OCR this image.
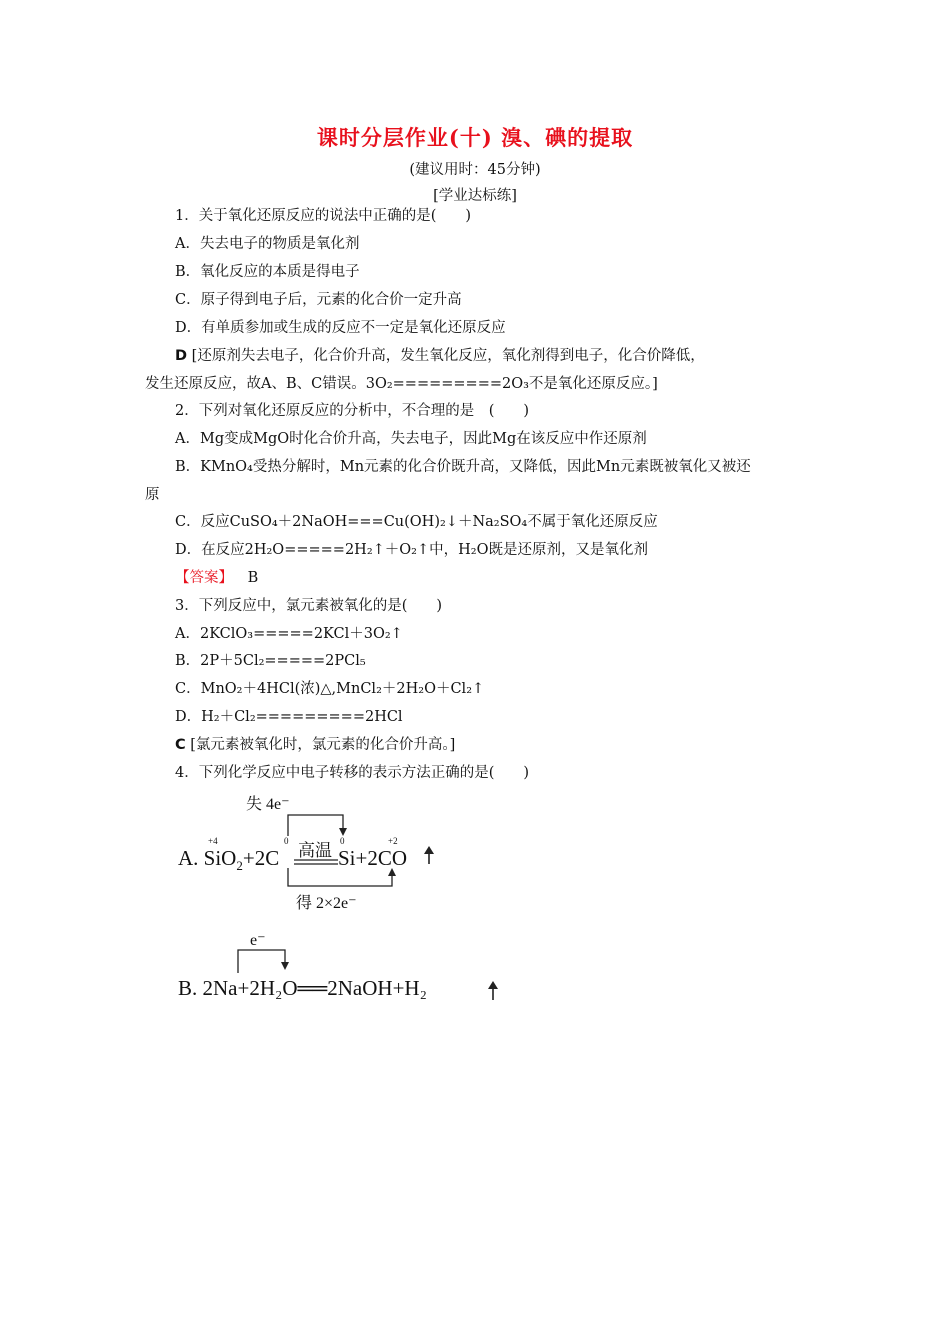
课时分层作业(十) 溴、碘的提取
(建议用时：45分钟)
[学业达标练]
1．关于氧化还原反应的说法中正确的是(　　)
A．失去电子的物质是氧化剂
B．氧化反应的本质是得电子
C．原子得到电子后，元素的化合价一定升高
D．有单质参加或生成的反应不一定是氧化还原反应
D [还原剂失去电子，化合价升高，发生氧化反应，氧化剂得到电子，化合价降低，
发生还原反应，故A、B、C错误。3O₂=========2O₃不是氧化还原反应。]
2．下列对氧化还原反应的分析中，不合理的是　(　　)
A．Mg变成MgO时化合价升高，失去电子，因此Mg在该反应中作还原剂
B．KMnO₄受热分解时，Mn元素的化合价既升高，又降低，因此Mn元素既被氧化又被还
原
C．反应CuSO₄＋2NaOH===Cu(OH)₂↓＋Na₂SO₄不属于氧化还原反应
D．在反应2H₂O=====2H₂↑＋O₂↑中，H₂O既是还原剂，又是氧化剂
【答案】 B
3．下列反应中，氯元素被氧化的是(　　)
A．2KClO₃=====2KCl＋3O₂↑
B．2P＋5Cl₂=====2PCl₅
C．MnO₂＋4HCl(浓)△,MnCl₂＋2H₂O＋Cl₂↑
D．H₂＋Cl₂=========2HCl
C [氯元素被氧化时，氯元素的化合价升高。]
4．下列化学反应中电子转移的表示方法正确的是(　　)
失 4e⁻
得 2×2e⁻
+4	0	0	+2
高温
A. SiO$_2$+2C	Si+2CO
e⁻
B. 2Na+2H₂O══2NaOH+H₂
